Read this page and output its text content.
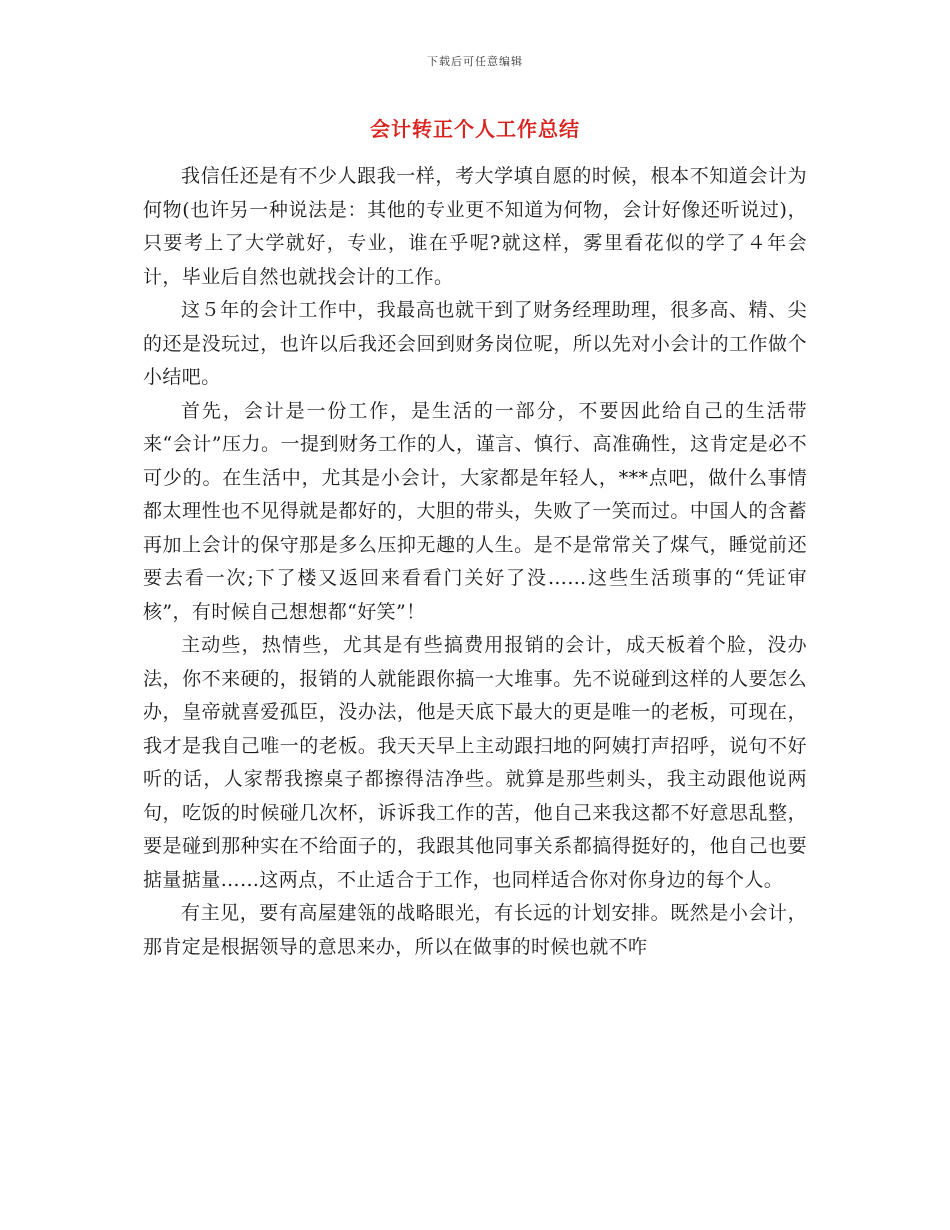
下载后可任意编辑
会计转正个人工作总结

我信任还是有不少人跟我一样，考大学填自愿的时候，根本不知道会计为何物(也许另一种说法是：其他的专业更不知道为何物，会计好像还听说过)，只要考上了大学就好，专业，谁在乎呢?就这样，雾里看花似的学了４年会计，毕业后自然也就找会计的工作。

这５年的会计工作中，我最高也就干到了财务经理助理，很多高、精、尖的还是没玩过，也许以后我还会回到财务岗位呢，所以先对小会计的工作做个小结吧。

首先，会计是一份工作，是生活的一部分，不要因此给自己的生活带来“会计”压力。一提到财务工作的人，谨言、慎行、高准确性，这肯定是必不可少的。在生活中，尤其是小会计，大家都是年轻人，***点吧，做什么事情都太理性也不见得就是都好的，大胆的带头，失败了一笑而过。中国人的含蓄再加上会计的保守那是多么压抑无趣的人生。是不是常常关了煤气，睡觉前还要去看一次;下了楼又返回来看看门关好了没……这些生活琐事的“凭证审核”，有时候自己想想都“好笑”！

主动些，热情些，尤其是有些搞费用报销的会计，成天板着个脸，没办法，你不来硬的，报销的人就能跟你搞一大堆事。先不说碰到这样的人要怎么办，皇帝就喜爱孤臣，没办法，他是天底下最大的更是唯一的老板，可现在，我才是我自己唯一的老板。我天天早上主动跟扫地的阿姨打声招呼，说句不好听的话，人家帮我擦桌子都擦得洁净些。就算是那些刺头，我主动跟他说两句，吃饭的时候碰几次杯，诉诉我工作的苦，他自己来我这都不好意思乱整，要是碰到那种实在不给面子的，我跟其他同事关系都搞得挺好的，他自己也要掂量掂量……这两点，不止适合于工作，也同样适合你对你身边的每个人。

有主见，要有高屋建瓴的战略眼光，有长远的计划安排。既然是小会计，那肯定是根据领导的意思来办，所以在做事的时候也就不咋
